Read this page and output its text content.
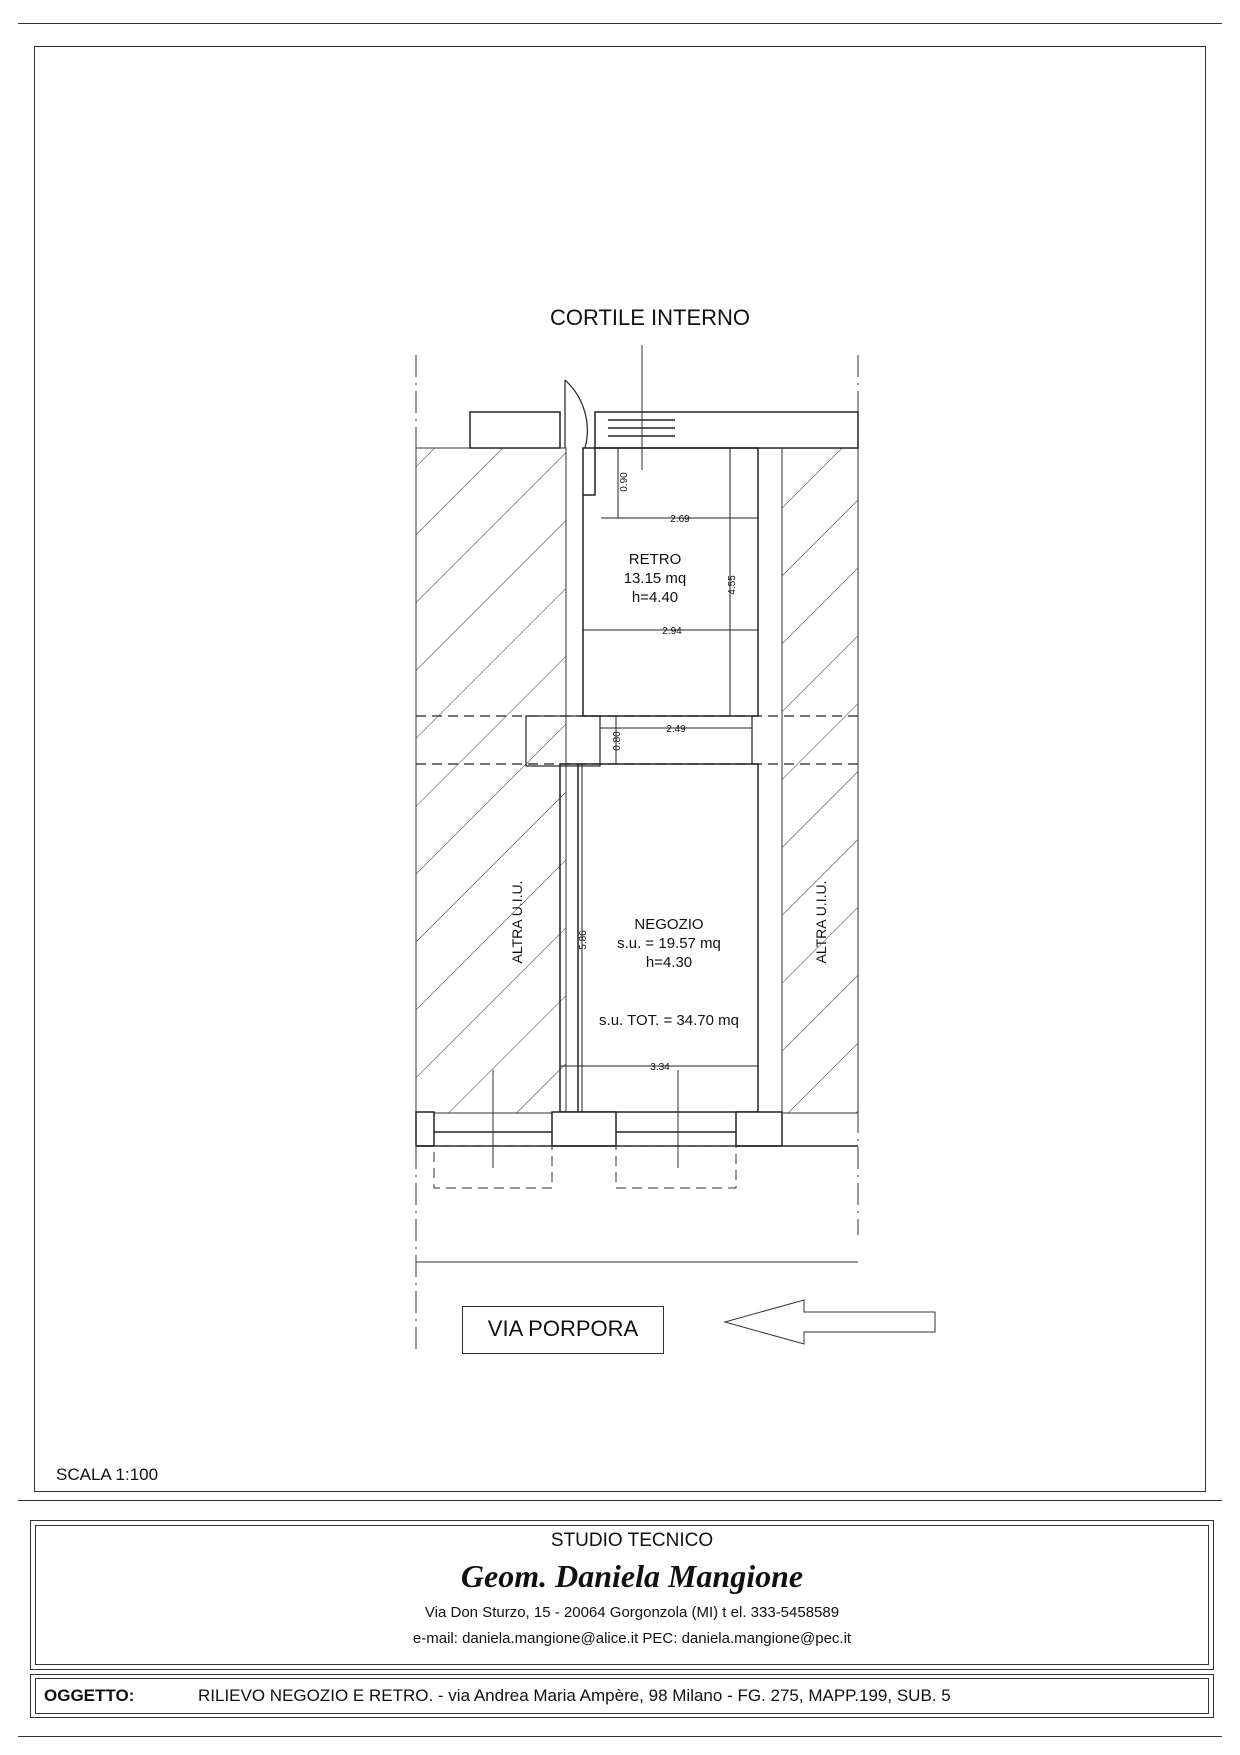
0.90
2.69
4.55
2.94
0.80
2.49
5.86
3.34
RETRO
13.15 mq
h=4.40
NEGOZIO
s.u. = 19.57 mq
h=4.30
s.u. TOT. = 34.70 mq
ALTRA U.I.U.	ALTRA U.I.U.
CORTILE INTERNO
VIA PORPORA
SCALA 1:100
STUDIO TECNICO
Geom. Daniela Mangione
Via Don Sturzo, 15 - 20064 Gorgonzola (MI) t el. 333-5458589
e-mail: daniela.mangione@alice.it PEC: daniela.mangione@pec.it
OGGETTO:	RILIEVO NEGOZIO E RETRO. - via Andrea Maria Ampère, 98 Milano - FG. 275, MAPP.199, SUB. 5
